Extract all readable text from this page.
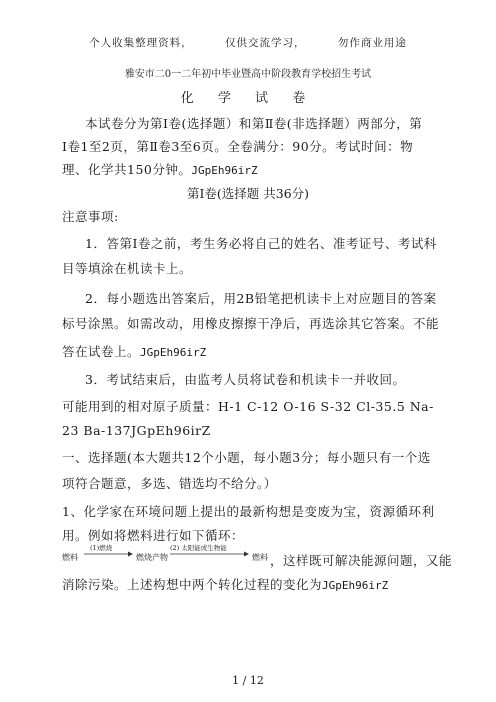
个人收集整理资料，	仅供交流学习，	勿作商业用途
雅安市二0一二年初中毕业暨高中阶段教育学校招生考试
化 学 试 卷
本试卷分为第Ⅰ卷(选择题）和第Ⅱ卷(非选择题）两部分，第
Ⅰ卷1至2页，第Ⅱ卷3至6页。全卷满分：90分。考试时间：物
理、化学共150分钟。JGpEh96irZ
第Ⅰ卷(选择题 共36分)
注意事项:
1．答第Ⅰ卷之前，考生务必将自己的姓名、准考证号、考试科
目等填涂在机读卡上。
2．每小题选出答案后，用2B铅笔把机读卡上对应题目的答案
标号涂黑。如需改动，用橡皮擦擦干净后，再选涂其它答案。不能
答在试卷上。JGpEh96irZ
3．考试结束后，由监考人员将试卷和机读卡一并收回。
可能用到的相对原子质量：H-1 C-12 O-16 S-32 Cl-35.5 Na-
23 Ba-137JGpEh96irZ
一、选择题(本大题共12个小题，每小题3分；每小题只有一个选
项符合题意，多选、错选均不给分。）
1、化学家在环境问题上提出的最新构想是变废为宝，资源循环利
用。例如将燃料进行如下循环：
燃料
(1)燃烧
燃烧产物
(2) 太阳能或生物能
燃料 ，这样既可解决能源问题，又能
消除污染。上述构想中两个转化过程的变化为JGpEh96irZ
1 / 12
